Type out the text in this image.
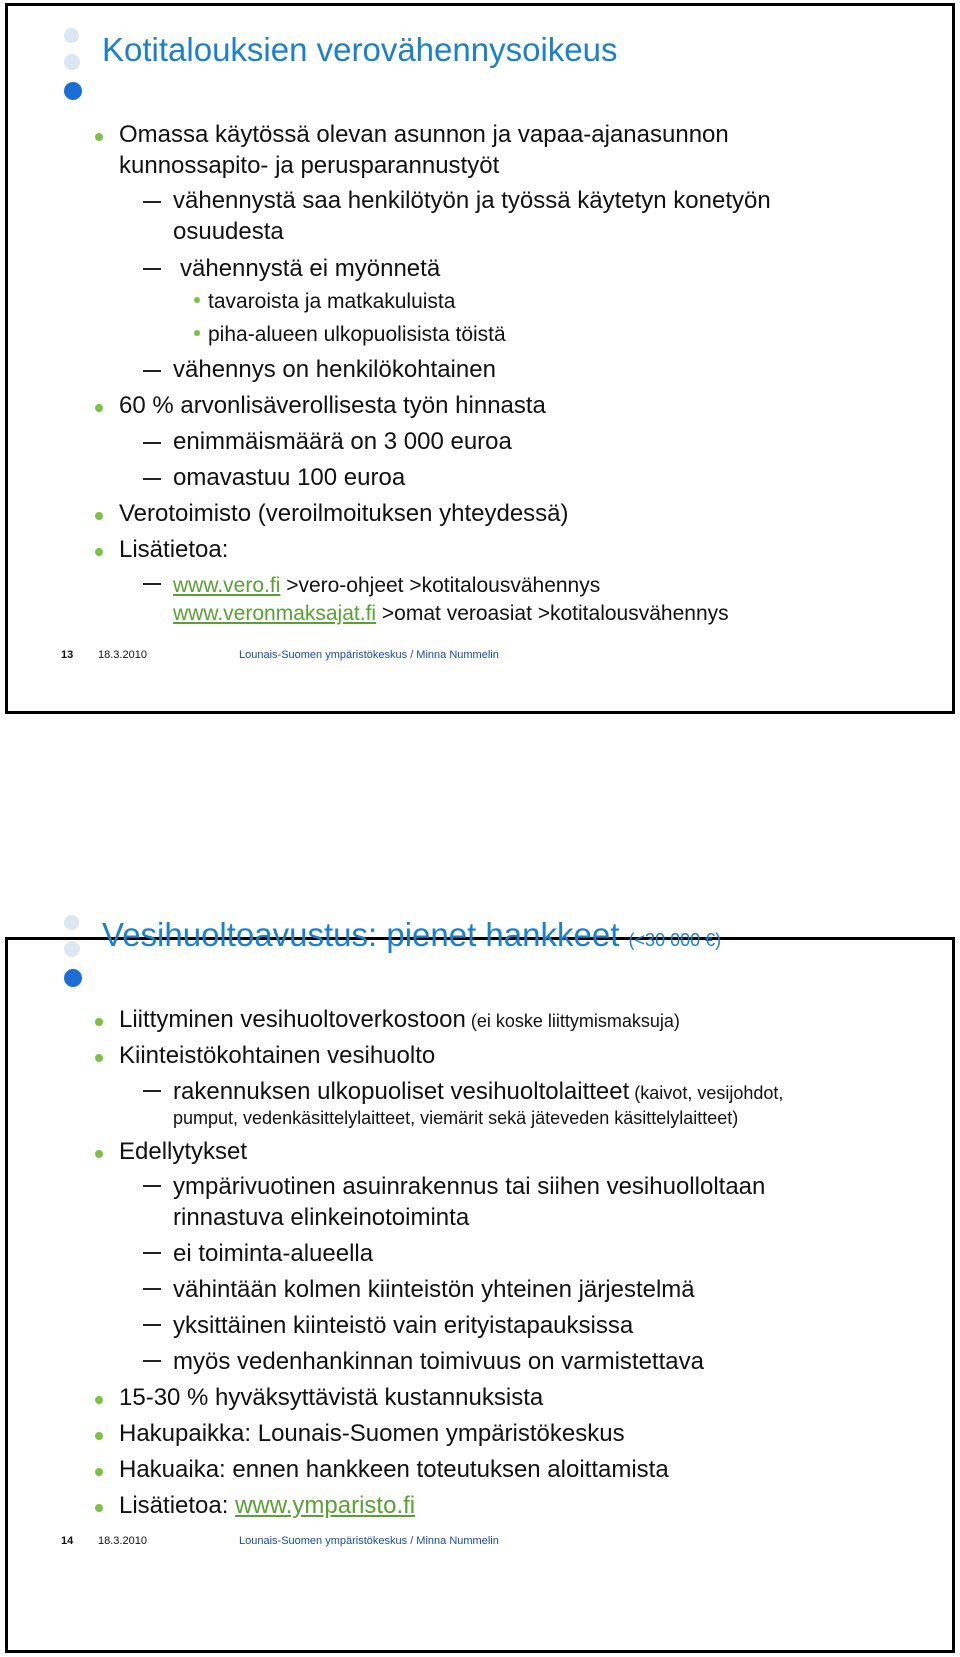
Kotitalouksien verovähennysoikeus
Omassa käytössä olevan asunnon ja vapaa-ajanasunnon
kunnossapito- ja perusparannustyöt
vähennystä saa henkilötyön ja työssä käytetyn konetyön
osuudesta
vähennystä ei myönnetä
tavaroista ja matkakuluista
piha-alueen ulkopuolisista töistä
vähennys on henkilökohtainen
60 % arvonlisäverollisesta työn hinnasta
enimmäismäärä on 3 000 euroa
omavastuu 100 euroa
Verotoimisto (veroilmoituksen yhteydessä)
Lisätietoa:
www.vero.fi >vero-ohjeet >kotitalousvähennys
www.veronmaksajat.fi >omat veroasiat >kotitalousvähennys
13 18.3.2010	Lounais-Suomen ympäristökeskus / Minna Nummelin
Vesihuoltoavustus: pienet hankkeet (<30 000 €)
Liittyminen vesihuoltoverkostoon (ei koske liittymismaksuja)
Kiinteistökohtainen vesihuolto
rakennuksen ulkopuoliset vesihuoltolaitteet (kaivot, vesijohdot,
pumput, vedenkäsittelylaitteet, viemärit sekä jäteveden käsittelylaitteet)
Edellytykset
ympärivuotinen asuinrakennus tai siihen vesihuolloltaan
rinnastuva elinkeinotoiminta
ei toiminta-alueella
vähintään kolmen kiinteistön yhteinen järjestelmä
yksittäinen kiinteistö vain erityistapauksissa
myös vedenhankinnan toimivuus on varmistettava
15-30 % hyväksyttävistä kustannuksista
Hakupaikka: Lounais-Suomen ympäristökeskus
Hakuaika: ennen hankkeen toteutuksen aloittamista
Lisätietoa: www.ymparisto.fi
14 18.3.2010	Lounais-Suomen ympäristökeskus / Minna Nummelin
